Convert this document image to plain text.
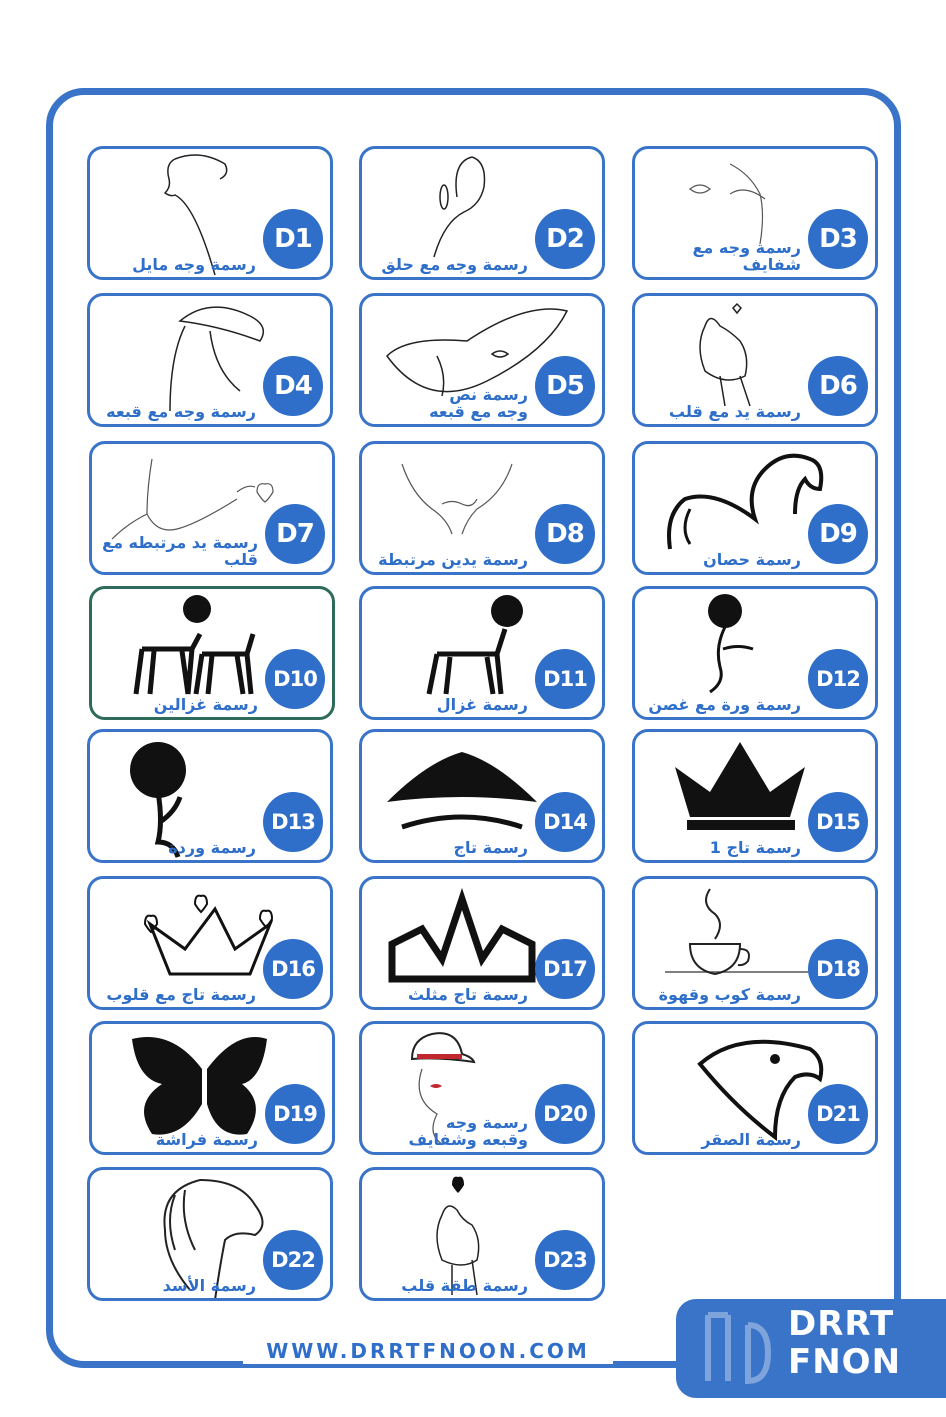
D1
رسمة وجه مايل
D2
رسمة وجه مع حلق
D3
رسمة وجه مع شفايف
D4
رسمة وجه مع قبعه
D5
رسمة نص
وجه مع قبعه
D6
رسمة يد مع قلب
D7
رسمة يد مرتبطه مع قلب
D8
رسمة يدين مرتبطة
D9
رسمة حصان
D10
رسمة غزالين
D11
رسمة غزال
D12
رسمة ورة مع غصن
D13
رسمة وردة
D14
رسمة تاج
D15
رسمة تاج 1
D16
رسمة تاج مع قلوب
D17
رسمة تاج مثلث
D18
رسمة كوب وقهوة
D19
رسمة فراشة
D20
رسمة وجه
وقبعه وشفايف
D21
رسمة الصقر
D22
رسمة الأسد
D23
رسمة طقة قلب
WWW.DRRTFNOON.COM
DRRT
FNON
